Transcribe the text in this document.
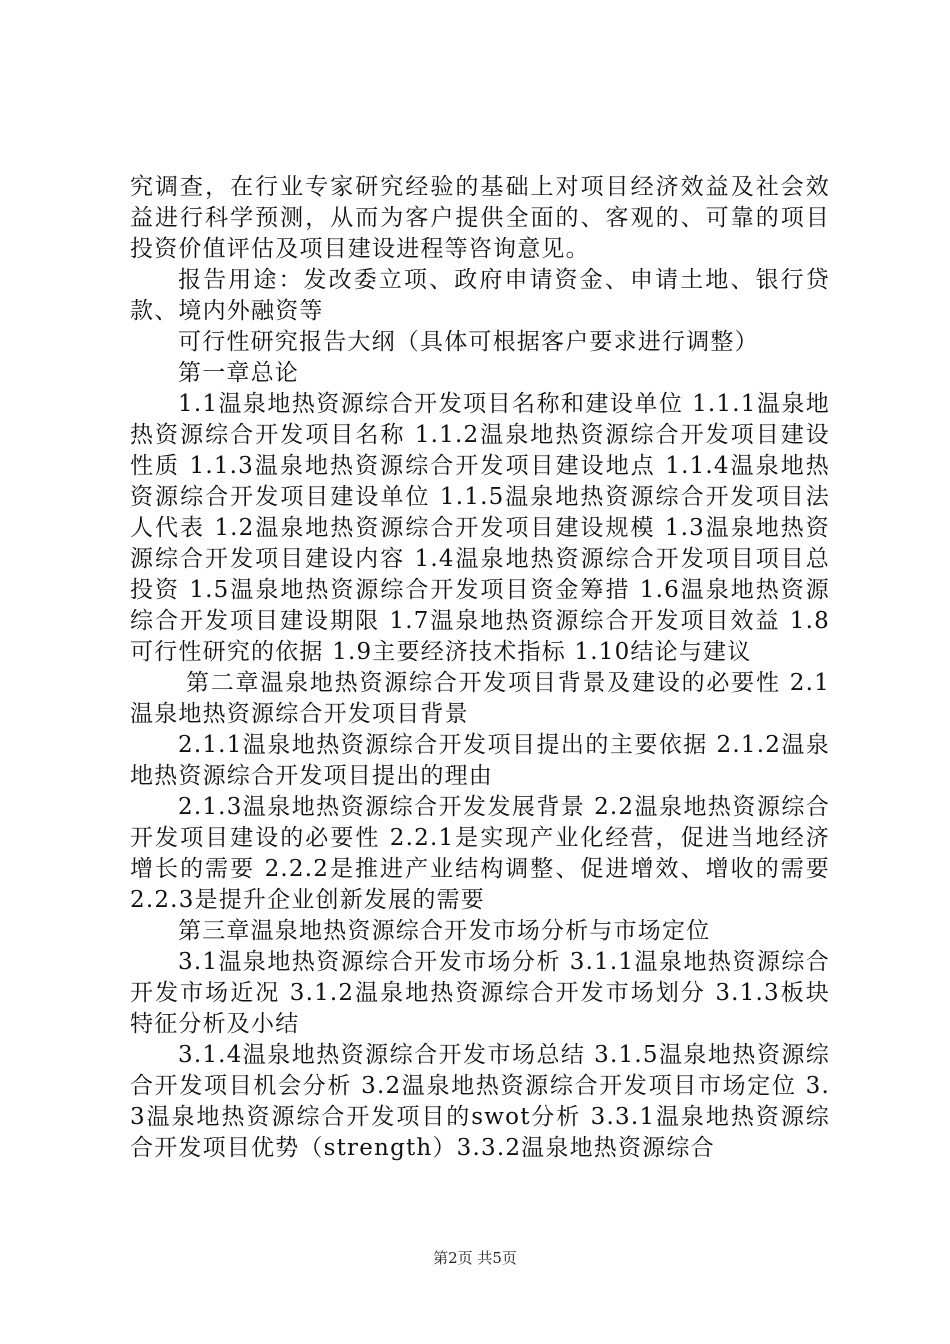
究调查，在行业专家研究经验的基础上对项目经济效益及社会效益进行科学预测，从而为客户提供全面的、客观的、可靠的项目投资价值评估及项目建设进程等咨询意见。

报告用途：发改委立项、政府申请资金、申请土地、银行贷款、境内外融资等

可行性研究报告大纲（具体可根据客户要求进行调整）

第一章总论

1.1温泉地热资源综合开发项目名称和建设单位 1.1.1温泉地热资源综合开发项目名称 1.1.2温泉地热资源综合开发项目建设性质 1.1.3温泉地热资源综合开发项目建设地点 1.1.4温泉地热资源综合开发项目建设单位 1.1.5温泉地热资源综合开发项目法人代表 1.2温泉地热资源综合开发项目建设规模 1.3温泉地热资源综合开发项目建设内容 1.4温泉地热资源综合开发项目项目总投资 1.5温泉地热资源综合开发项目资金筹措 1.6温泉地热资源综合开发项目建设期限 1.7温泉地热资源综合开发项目效益 1.8可行性研究的依据 1.9主要经济技术指标 1.10结论与建议

第二章温泉地热资源综合开发项目背景及建设的必要性 2.1温泉地热资源综合开发项目背景

2.1.1温泉地热资源综合开发项目提出的主要依据 2.1.2温泉地热资源综合开发项目提出的理由

2.1.3温泉地热资源综合开发发展背景 2.2温泉地热资源综合开发项目建设的必要性 2.2.1是实现产业化经营，促进当地经济增长的需要 2.2.2是推进产业结构调整、促进增效、增收的需要 2.2.3是提升企业创新发展的需要

第三章温泉地热资源综合开发市场分析与市场定位

3.1温泉地热资源综合开发市场分析 3.1.1温泉地热资源综合开发市场近况 3.1.2温泉地热资源综合开发市场划分 3.1.3板块特征分析及小结

3.1.4温泉地热资源综合开发市场总结 3.1.5温泉地热资源综合开发项目机会分析 3.2温泉地热资源综合开发项目市场定位 3.3温泉地热资源综合开发项目的swot分析 3.3.1温泉地热资源综合开发项目优势（strength）3.3.2温泉地热资源综合

第2页 共5页
